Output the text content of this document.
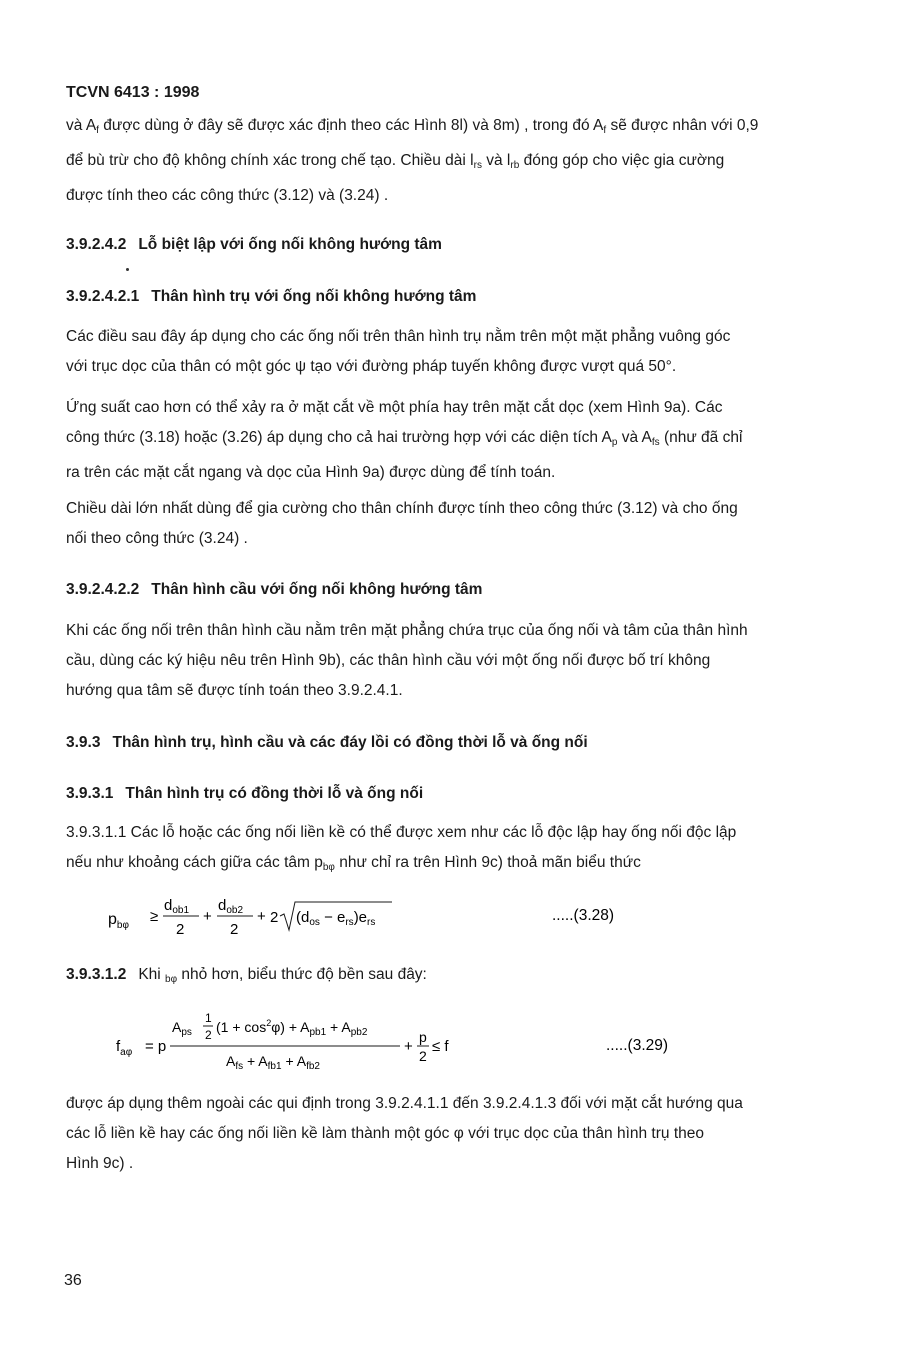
TCVN 6413 : 1998
và $A_f$ được dùng ở đây sẽ được xác định theo các Hình 8l) và 8m) , trong đó $A_f$ sẽ được nhân với 0,9
để bù trừ cho độ không chính xác trong chế tạo. Chiều dài $l_{rs}$ và $l_{rb}$ đóng góp cho việc gia cường
được tính theo các công thức (3.12) và (3.24) .
3.9.2.4.2 Lỗ biệt lập với ống nối không hướng tâm
3.9.2.4.2.1 Thân hình trụ với ống nối không hướng tâm
Các điều sau đây áp dụng cho các ống nối trên thân hình trụ nằm trên một mặt phẳng vuông góc
với trục dọc của thân có một góc ψ tạo với đường pháp tuyến không được vượt quá 50°.
Ứng suất cao hơn có thể xảy ra ở mặt cắt về một phía hay trên mặt cắt dọc (xem Hình 9a). Các
công thức (3.18) hoặc (3.26) áp dụng cho cả hai trường hợp với các diện tích $A_p$ và $A_{fs}$ (như đã chỉ
ra trên các mặt cắt ngang và dọc của Hình 9a) được dùng để tính toán.
Chiều dài lớn nhất dùng để gia cường cho thân chính được tính theo công thức (3.12) và cho ống
nối theo công thức (3.24) .
3.9.2.4.2.2 Thân hình cầu với ống nối không hướng tâm
Khi các ống nối trên thân hình cầu nằm trên mặt phẳng chứa trục của ống nối và tâm của thân hình
cầu, dùng các ký hiệu nêu trên Hình 9b), các thân hình cầu với một ống nối được bố trí không
hướng qua tâm sẽ được tính toán theo 3.9.2.4.1.
3.9.3 Thân hình trụ, hình cầu và các đáy lồi có đồng thời lỗ và ống nối
3.9.3.1 Thân hình trụ có đồng thời lỗ và ống nối
3.9.3.1.1 Các lỗ hoặc các ống nối liền kề có thể được xem như các lỗ độc lập hay ống nối độc lập
nếu như khoảng cách giữa các tâm $p_{b\varphi}$ như chỉ ra trên Hình 9c) thoả mãn biểu thức
$p_{b\varphi}$
≥
$d_{ob1}$
2
+
$d_{ob2}$
2
+ 2 $(d_{os} - e_{rs})e_{rs}$	.....(3.28)
3.9.3.1.2 Khi $_{b\varphi}$ nhỏ hơn, biểu thức độ bền sau đây:
$f_{a\varphi} = p$
$A_{ps}$
1
2 $(1 + \cos^2\varphi) + A_{pb1} + A_{pb2}$
$A_{fs} + A_{fb1} + A_{fb2}$
+
p
2
≤ f	.....(3.29)
được áp dụng thêm ngoài các qui định trong 3.9.2.4.1.1 đến 3.9.2.4.1.3 đối với mặt cắt hướng qua
các lỗ liền kề hay các ống nối liền kề làm thành một góc φ với trục dọc của thân hình trụ theo
Hình 9c) .
36
